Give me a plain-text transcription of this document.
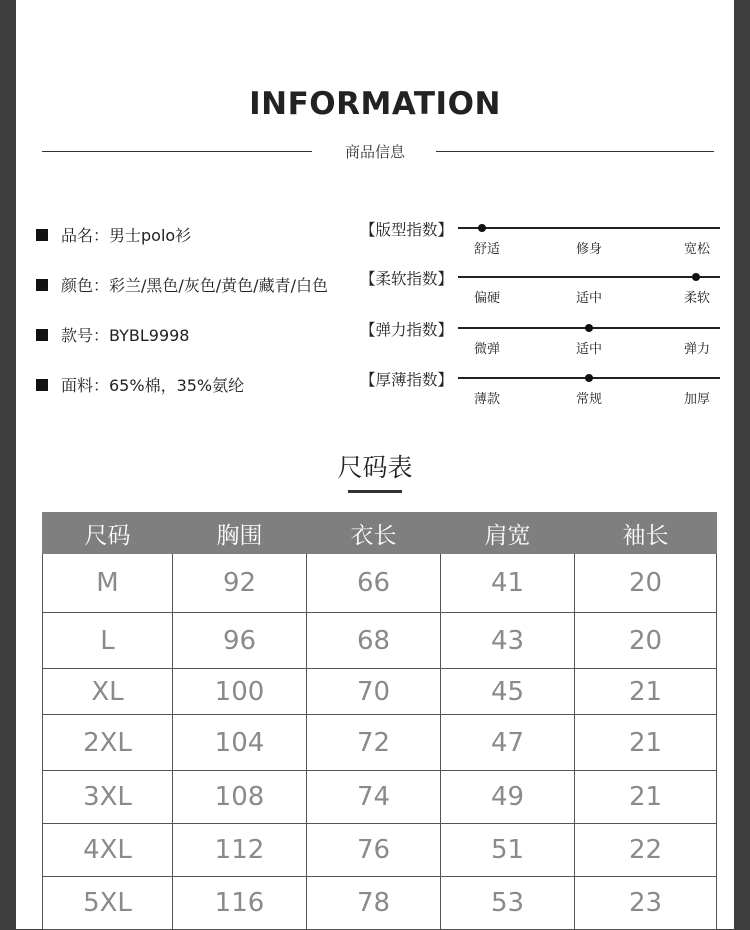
INFORMATION
商品信息
品名：男士polo衫
颜色：彩兰/黑色/灰色/黄色/藏青/白色
款号：BYBL9998
面料：65%棉，35%氨纶
【版型指数】
舒适	修身	宽松
【柔软指数】
偏硬	适中	柔软
【弹力指数】
微弹	适中	弹力
【厚薄指数】
薄款	常规	加厚
尺码表
尺码	胸围	衣长	肩宽	袖长
M	92	66	41	20
L	96	68	43	20
XL	100	70	45	21
2XL	104	72	47	21
3XL	108	74	49	21
4XL	112	76	51	22
5XL	116	78	53	23
